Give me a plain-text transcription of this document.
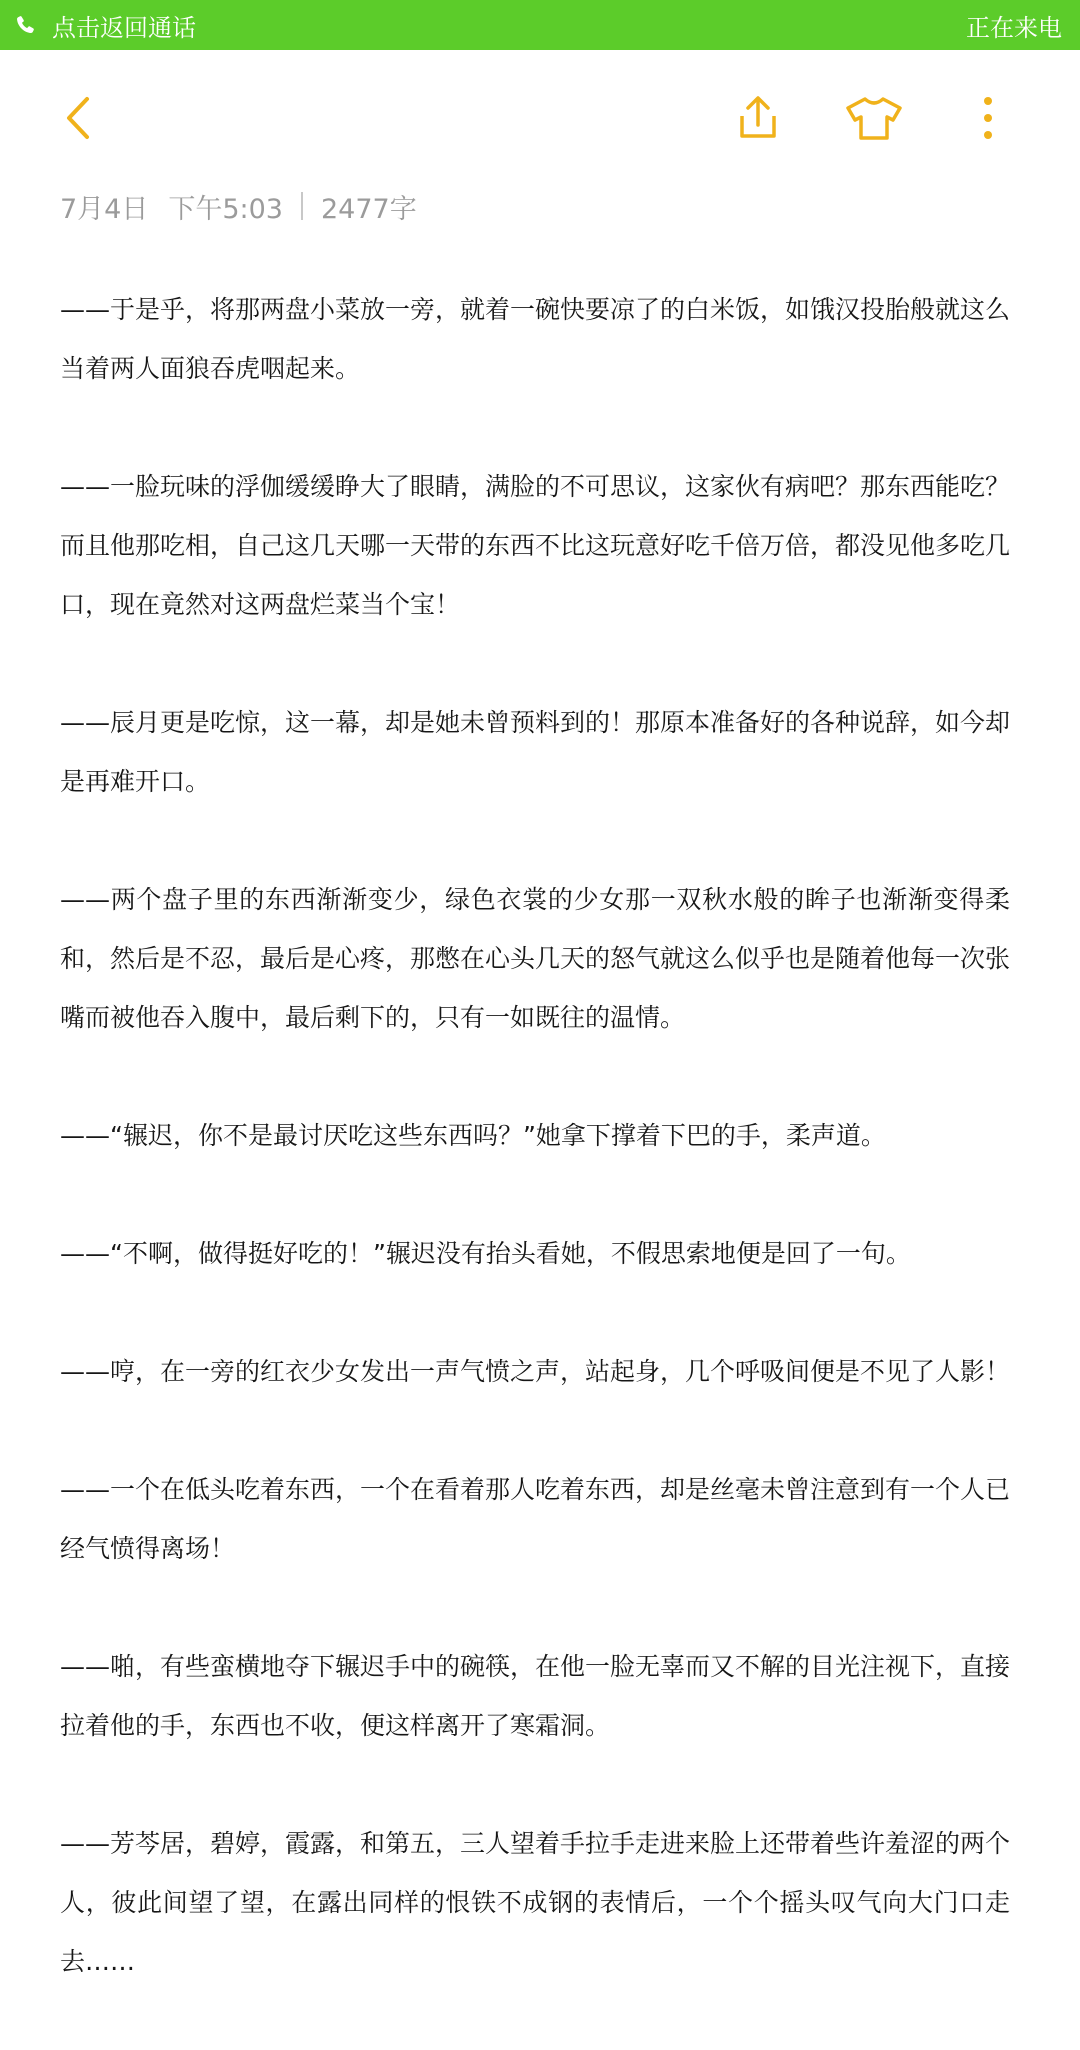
点击返回通话	正在来电
7月4日 下午5:03 2477字

——于是乎，将那两盘小菜放一旁，就着一碗快要凉了的白米饭，如饿汉投胎般就这么当着两人面狼吞虎咽起来。

——一脸玩味的浮伽缓缓睁大了眼睛，满脸的不可思议，这家伙有病吧？那东西能吃？而且他那吃相，自己这几天哪一天带的东西不比这玩意好吃千倍万倍，都没见他多吃几口，现在竟然对这两盘烂菜当个宝！

——辰月更是吃惊，这一幕，却是她未曾预料到的！那原本准备好的各种说辞，如今却是再难开口。

——两个盘子里的东西渐渐变少，绿色衣裳的少女那一双秋水般的眸子也渐渐变得柔和，然后是不忍，最后是心疼，那憋在心头几天的怒气就这么似乎也是随着他每一次张嘴而被他吞入腹中，最后剩下的，只有一如既往的温情。

——“辗迟，你不是最讨厌吃这些东西吗？”她拿下撑着下巴的手，柔声道。

——“不啊，做得挺好吃的！”辗迟没有抬头看她，不假思索地便是回了一句。

——哼，在一旁的红衣少女发出一声气愤之声，站起身，几个呼吸间便是不见了人影！

——一个在低头吃着东西，一个在看着那人吃着东西，却是丝毫未曾注意到有一个人已经气愤得离场！

——啪，有些蛮横地夺下辗迟手中的碗筷，在他一脸无辜而又不解的目光注视下，直接拉着他的手，东西也不收，便这样离开了寒霜洞。

——芳芩居，碧婷，霞露，和第五，三人望着手拉手走进来脸上还带着些许羞涩的两个人，彼此间望了望，在露出同样的恨铁不成钢的表情后，一个个摇头叹气向大门口走去……
